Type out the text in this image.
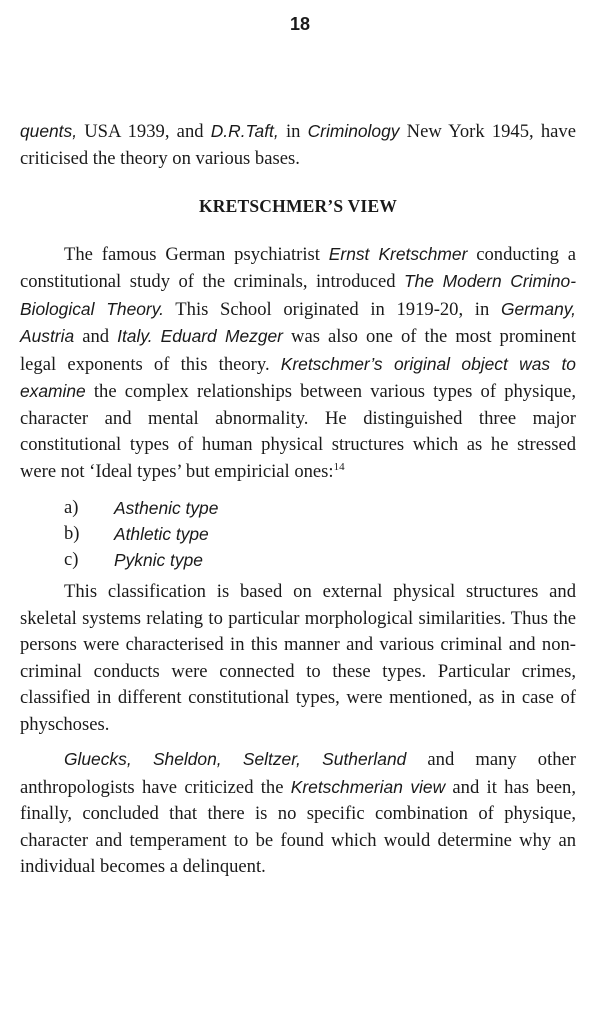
18

quents, USA 1939, and D.R.Taft, in Criminology New York 1945, have criticised the theory on various bases.

KRETSCHMER’S VIEW

The famous German psychiatrist Ernst Kretschmer conducting a constitutional study of the criminals, introduced The Modern Crimino-Biological Theory. This School originated in 1919-20, in Germany, Austria and Italy. Eduard Mezger was also one of the most prominent legal exponents of this theory. Kretschmer’s original object was to examine the complex relationships between various types of physique, character and mental abnormality. He distinguished three major constitutional types of human physical structures which as he stressed were not ‘Ideal types’ but empiricial ones:$^{14}$

a)	Asthenic type
b)	Athletic type
c)	Pyknic type

This classification is based on external physical structures and skeletal systems relating to particular morphological similarities. Thus the persons were characterised in this manner and various criminal and non-criminal conducts were connected to these types. Particular crimes, classified in different constitutional types, were mentioned, as in case of physchoses.

Gluecks, Sheldon, Seltzer, Sutherland and many other anthropologists have criticized the Kretschmerian view and it has been, finally, concluded that there is no specific combination of physique, character and temperament to be found which would determine why an individual becomes a delinquent.
